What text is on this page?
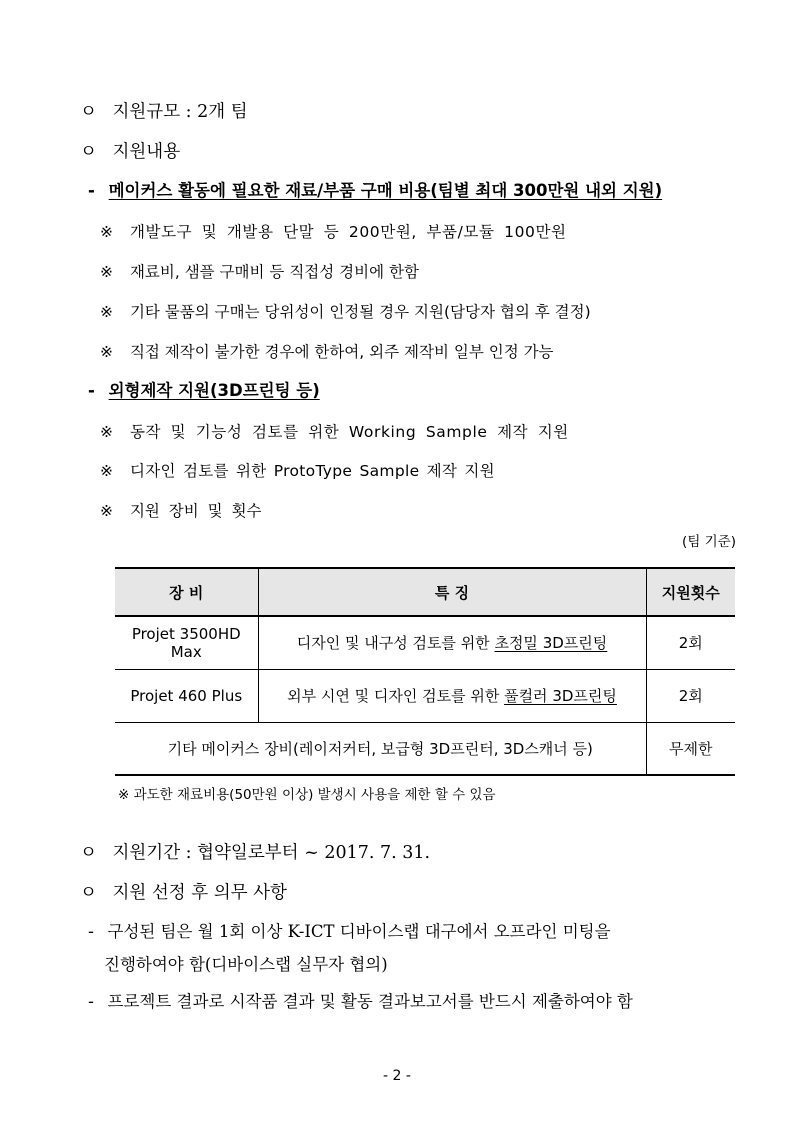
ㅇ 지원규모 : 2개 팀
ㅇ 지원내용
- 메이커스 활동에 필요한 재료/부품 구매 비용(팀별 최대 300만원 내외 지원)
※ 개발도구 및 개발용 단말 등 200만원, 부품/모듈 100만원
※ 재료비, 샘플 구매비 등 직접성 경비에 한함
※ 기타 물품의 구매는 당위성이 인정될 경우 지원(담당자 협의 후 결정)
※ 직접 제작이 불가한 경우에 한하여, 외주 제작비 일부 인정 가능
- 외형제작 지원(3D프린팅 등)
※ 동작 및 기능성 검토를 위한 Working Sample 제작 지원
※ 디자인 검토를 위한 ProtoType Sample 제작 지원
※ 지원 장비 및 횟수
(팀 기준)
장 비	특 징	지원횟수
Projet 3500HD Max	디자인 및 내구성 검토를 위한 초정밀 3D프린팅	2회
Projet 460 Plus	외부 시연 및 디자인 검토를 위한 풀컬러 3D프린팅	2회
기타 메이커스 장비(레이저커터, 보급형 3D프린터, 3D스캐너 등)		무제한
※ 과도한 재료비용(50만원 이상) 발생시 사용을 제한 할 수 있음
ㅇ 지원기간 : 협약일로부터 ~ 2017. 7. 31.
ㅇ 지원 선정 후 의무 사항
- 구성된 팀은 월 1회 이상 K-ICT 디바이스랩 대구에서 오프라인 미팅을
진행하여야 함(디바이스랩 실무자 협의)
- 프로젝트 결과로 시작품 결과 및 활동 결과보고서를 반드시 제출하여야 함
- 2 -
